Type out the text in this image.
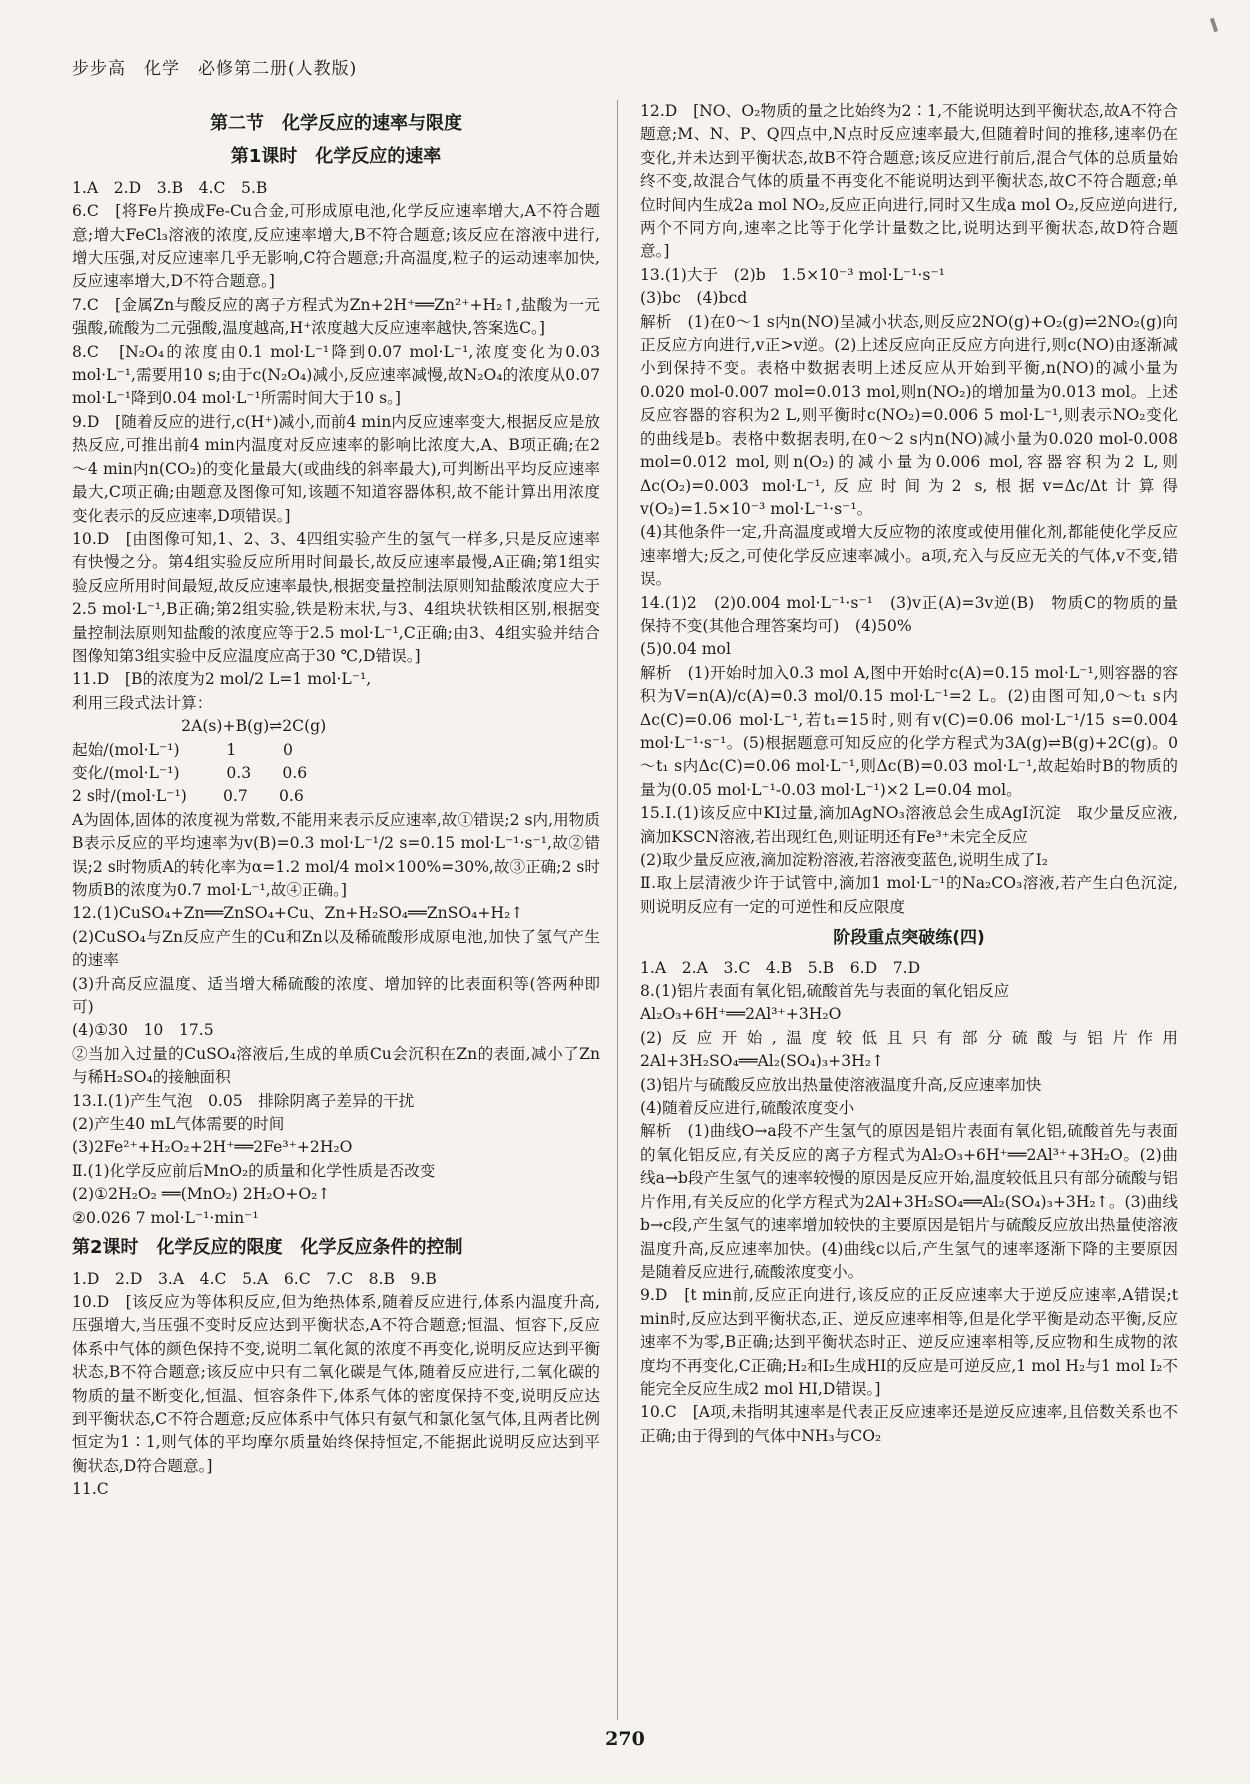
步步高　化学　必修第二册(人教版)
第二节　化学反应的速率与限度
第1课时　化学反应的速率

1.A　2.D　3.B　4.C　5.B

6.C　[将Fe片换成Fe-Cu合金,可形成原电池,化学反应速率增大,A不符合题意;增大FeCl₃溶液的浓度,反应速率增大,B不符合题意;该反应在溶液中进行,增大压强,对反应速率几乎无影响,C符合题意;升高温度,粒子的运动速率加快,反应速率增大,D不符合题意。]

7.C　[金属Zn与酸反应的离子方程式为Zn+2H⁺══Zn²⁺+H₂↑,盐酸为一元强酸,硫酸为二元强酸,温度越高,H⁺浓度越大反应速率越快,答案选C。]

8.C　[N₂O₄的浓度由0.1 mol·L⁻¹降到0.07 mol·L⁻¹,浓度变化为0.03 mol·L⁻¹,需要用10 s;由于c(N₂O₄)减小,反应速率减慢,故N₂O₄的浓度从0.07 mol·L⁻¹降到0.04 mol·L⁻¹所需时间大于10 s。]

9.D　[随着反应的进行,c(H⁺)减小,而前4 min内反应速率变大,根据反应是放热反应,可推出前4 min内温度对反应速率的影响比浓度大,A、B项正确;在2～4 min内n(CO₂)的变化量最大(或曲线的斜率最大),可判断出平均反应速率最大,C项正确;由题意及图像可知,该题不知道容器体积,故不能计算出用浓度变化表示的反应速率,D项错误。]

10.D　[由图像可知,1、2、3、4四组实验产生的氢气一样多,只是反应速率有快慢之分。第4组实验反应所用时间最长,故反应速率最慢,A正确;第1组实验反应所用时间最短,故反应速率最快,根据变量控制法原则知盐酸浓度应大于2.5 mol·L⁻¹,B正确;第2组实验,铁是粉末状,与3、4组块状铁相区别,根据变量控制法原则知盐酸的浓度应等于2.5 mol·L⁻¹,C正确;由3、4组实验并结合图像知第3组实验中反应温度应高于30 ℃,D错误。]

11.D　[B的浓度为2 mol/2 L=1 mol·L⁻¹,

利用三段式法计算：
　　　　　　　2A(s)+B(g)⇌2C(g)
起始/(mol·L⁻¹)　　　1　　　0
变化/(mol·L⁻¹)　　　0.3　　0.6
2 s时/(mol·L⁻¹)　　 0.7　　0.6

A为固体,固体的浓度视为常数,不能用来表示反应速率,故①错误;2 s内,用物质B表示反应的平均速率为v(B)=0.3 mol·L⁻¹/2 s=0.15 mol·L⁻¹·s⁻¹,故②错误;2 s时物质A的转化率为α=1.2 mol/4 mol×100%=30%,故③正确;2 s时物质B的浓度为0.7 mol·L⁻¹,故④正确。]

12.(1)CuSO₄+Zn══ZnSO₄+Cu、Zn+H₂SO₄══ZnSO₄+H₂↑
(2)CuSO₄与Zn反应产生的Cu和Zn以及稀硫酸形成原电池,加快了氢气产生的速率
(3)升高反应温度、适当增大稀硫酸的浓度、增加锌的比表面积等(答两种即可)
(4)①30　10　17.5
②当加入过量的CuSO₄溶液后,生成的单质Cu会沉积在Zn的表面,减小了Zn与稀H₂SO₄的接触面积

13.Ⅰ.(1)产生气泡　0.05　排除阴离子差异的干扰
(2)产生40 mL气体需要的时间
(3)2Fe²⁺+H₂O₂+2H⁺══2Fe³⁺+2H₂O
Ⅱ.(1)化学反应前后MnO₂的质量和化学性质是否改变
(2)①2H₂O₂ ══(MnO₂) 2H₂O+O₂↑
②0.026 7 mol·L⁻¹·min⁻¹

第2课时　化学反应的限度　化学反应条件的控制

1.D　2.D　3.A　4.C　5.A　6.C　7.C　8.B　9.B

10.D　[该反应为等体积反应,但为绝热体系,随着反应进行,体系内温度升高,压强增大,当压强不变时反应达到平衡状态,A不符合题意;恒温、恒容下,反应体系中气体的颜色保持不变,说明二氧化氮的浓度不再变化,说明反应达到平衡状态,B不符合题意;该反应中只有二氧化碳是气体,随着反应进行,二氧化碳的物质的量不断变化,恒温、恒容条件下,体系气体的密度保持不变,说明反应达到平衡状态,C不符合题意;反应体系中气体只有氨气和氯化氢气体,且两者比例恒定为1∶1,则气体的平均摩尔质量始终保持恒定,不能据此说明反应达到平衡状态,D符合题意。]

11.C

12.D　[NO、O₂物质的量之比始终为2∶1,不能说明达到平衡状态,故A不符合题意;M、N、P、Q四点中,N点时反应速率最大,但随着时间的推移,速率仍在变化,并未达到平衡状态,故B不符合题意;该反应进行前后,混合气体的总质量始终不变,故混合气体的质量不再变化不能说明达到平衡状态,故C不符合题意;单位时间内生成2a mol NO₂,反应正向进行,同时又生成a mol O₂,反应逆向进行,两个不同方向,速率之比等于化学计量数之比,说明达到平衡状态,故D符合题意。]

13.(1)大于　(2)b　1.5×10⁻³ mol·L⁻¹·s⁻¹
(3)bc　(4)bcd

解析　(1)在0～1 s内n(NO)呈减小状态,则反应2NO(g)+O₂(g)⇌2NO₂(g)向正反应方向进行,v正>v逆。(2)上述反应向正反应方向进行,则c(NO)由逐渐减小到保持不变。表格中数据表明上述反应从开始到平衡,n(NO)的减小量为0.020 mol-0.007 mol=0.013 mol,则n(NO₂)的增加量为0.013 mol。上述反应容器的容积为2 L,则平衡时c(NO₂)=0.006 5 mol·L⁻¹,则表示NO₂变化的曲线是b。表格中数据表明,在0～2 s内n(NO)减小量为0.020 mol-0.008 mol=0.012 mol,则n(O₂)的减小量为0.006 mol,容器容积为2 L,则Δc(O₂)=0.003 mol·L⁻¹,反应时间为2 s,根据v=Δc/Δt计算得v(O₂)=1.5×10⁻³ mol·L⁻¹·s⁻¹。
(4)其他条件一定,升高温度或增大反应物的浓度或使用催化剂,都能使化学反应速率增大;反之,可使化学反应速率减小。a项,充入与反应无关的气体,v不变,错误。

14.(1)2　(2)0.004 mol·L⁻¹·s⁻¹　(3)v正(A)=3v逆(B)　物质C的物质的量保持不变(其他合理答案均可)　(4)50%
(5)0.04 mol

解析　(1)开始时加入0.3 mol A,图中开始时c(A)=0.15 mol·L⁻¹,则容器的容积为V=n(A)/c(A)=0.3 mol/0.15 mol·L⁻¹=2 L。(2)由图可知,0～t₁ s内Δc(C)=0.06 mol·L⁻¹,若t₁=15时,则有v(C)=0.06 mol·L⁻¹/15 s=0.004 mol·L⁻¹·s⁻¹。(5)根据题意可知反应的化学方程式为3A(g)⇌B(g)+2C(g)。0～t₁ s内Δc(C)=0.06 mol·L⁻¹,则Δc(B)=0.03 mol·L⁻¹,故起始时B的物质的量为(0.05 mol·L⁻¹-0.03 mol·L⁻¹)×2 L=0.04 mol。

15.Ⅰ.(1)该反应中KI过量,滴加AgNO₃溶液总会生成AgI沉淀　取少量反应液,滴加KSCN溶液,若出现红色,则证明还有Fe³⁺未完全反应
(2)取少量反应液,滴加淀粉溶液,若溶液变蓝色,说明生成了I₂
Ⅱ.取上层清液少许于试管中,滴加1 mol·L⁻¹的Na₂CO₃溶液,若产生白色沉淀,则说明反应有一定的可逆性和反应限度

阶段重点突破练(四)

1.A　2.A　3.C　4.B　5.B　6.D　7.D

8.(1)铝片表面有氧化铝,硫酸首先与表面的氧化铝反应
Al₂O₃+6H⁺══2Al³⁺+3H₂O
(2)反应开始,温度较低且只有部分硫酸与铝片作用　2Al+3H₂SO₄══Al₂(SO₄)₃+3H₂↑
(3)铝片与硫酸反应放出热量使溶液温度升高,反应速率加快
(4)随着反应进行,硫酸浓度变小

解析　(1)曲线O→a段不产生氢气的原因是铝片表面有氧化铝,硫酸首先与表面的氧化铝反应,有关反应的离子方程式为Al₂O₃+6H⁺══2Al³⁺+3H₂O。(2)曲线a→b段产生氢气的速率较慢的原因是反应开始,温度较低且只有部分硫酸与铝片作用,有关反应的化学方程式为2Al+3H₂SO₄══Al₂(SO₄)₃+3H₂↑。(3)曲线b→c段,产生氢气的速率增加较快的主要原因是铝片与硫酸反应放出热量使溶液温度升高,反应速率加快。(4)曲线c以后,产生氢气的速率逐渐下降的主要原因是随着反应进行,硫酸浓度变小。

9.D　[t min前,反应正向进行,该反应的正反应速率大于逆反应速率,A错误;t min时,反应达到平衡状态,正、逆反应速率相等,但是化学平衡是动态平衡,反应速率不为零,B正确;达到平衡状态时正、逆反应速率相等,反应物和生成物的浓度均不再变化,C正确;H₂和I₂生成HI的反应是可逆反应,1 mol H₂与1 mol I₂不能完全反应生成2 mol HI,D错误。]

10.C　[A项,未指明其速率是代表正反应速率还是逆反应速率,且倍数关系也不正确;由于得到的气体中NH₃与CO₂

270
